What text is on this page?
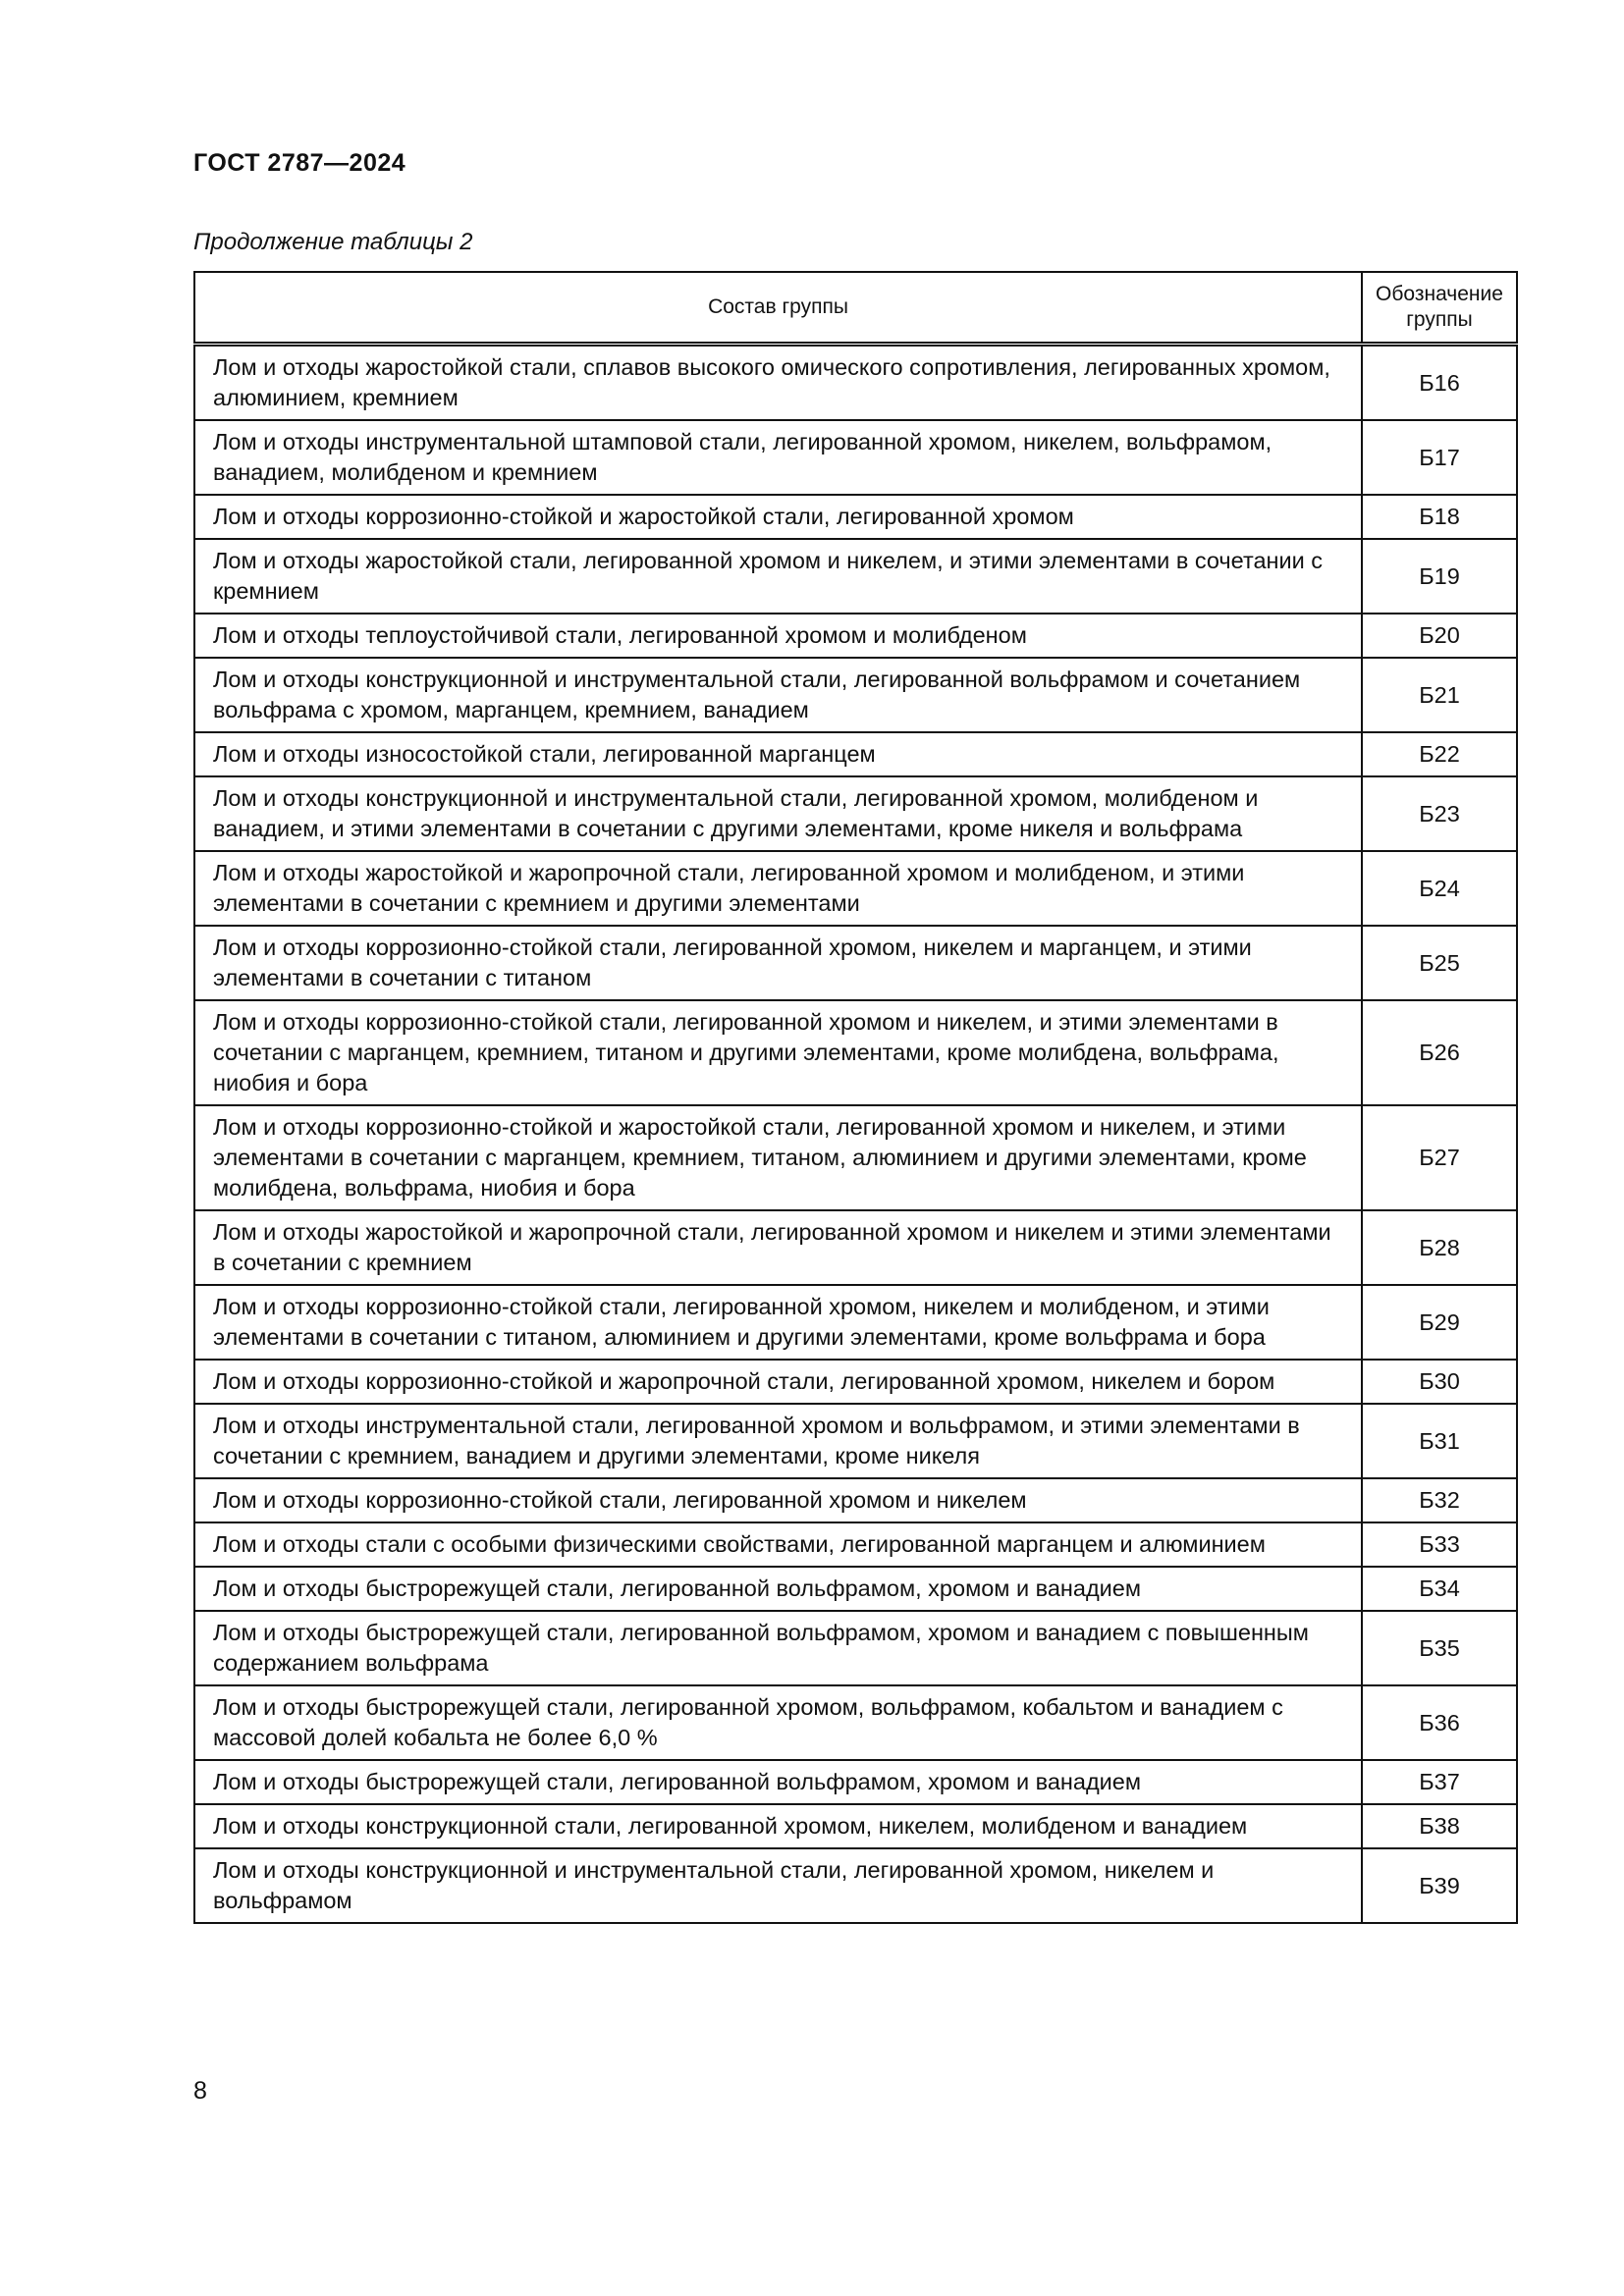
ГОСТ 2787—2024
Продолжение таблицы 2
Состав группы	Обозначение группы
Лом и отходы жаростойкой стали, сплавов высокого омического сопротивления, легированных хромом, алюминием, кремнием	Б16
Лом и отходы инструментальной штамповой стали, легированной хромом, никелем, вольфрамом, ванадием, молибденом и кремнием	Б17
Лом и отходы коррозионно-стойкой и жаростойкой стали, легированной хромом	Б18
Лом и отходы жаростойкой стали, легированной хромом и никелем, и этими элементами в сочетании с кремнием	Б19
Лом и отходы теплоустойчивой стали, легированной хромом и молибденом	Б20
Лом и отходы конструкционной и инструментальной стали, легированной вольфрамом и сочетанием вольфрама с хромом, марганцем, кремнием, ванадием	Б21
Лом и отходы износостойкой стали, легированной марганцем	Б22
Лом и отходы конструкционной и инструментальной стали, легированной хромом, молибденом и ванадием, и этими элементами в сочетании с другими элементами, кроме никеля и вольфрама	Б23
Лом и отходы жаростойкой и жаропрочной стали, легированной хромом и молибденом, и этими элементами в сочетании с кремнием и другими элементами	Б24
Лом и отходы коррозионно-стойкой стали, легированной хромом, никелем и марганцем, и этими элементами в сочетании с титаном	Б25
Лом и отходы коррозионно-стойкой стали, легированной хромом и никелем, и этими элементами в сочетании с марганцем, кремнием, титаном и другими элементами, кроме молибдена, вольфрама, ниобия и бора	Б26
Лом и отходы коррозионно-стойкой и жаростойкой стали, легированной хромом и никелем, и этими элементами в сочетании с марганцем, кремнием, титаном, алюминием и другими элементами, кроме молибдена, вольфрама, ниобия и бора	Б27
Лом и отходы жаростойкой и жаропрочной стали, легированной хромом и никелем и этими элементами в сочетании с кремнием	Б28
Лом и отходы коррозионно-стойкой стали, легированной хромом, никелем и молибденом, и этими элементами в сочетании с титаном, алюминием и другими элементами, кроме вольфрама и бора	Б29
Лом и отходы коррозионно-стойкой и жаропрочной стали, легированной хромом, никелем и бором	Б30
Лом и отходы инструментальной стали, легированной хромом и вольфрамом, и этими элементами в сочетании с кремнием, ванадием и другими элементами, кроме никеля	Б31
Лом и отходы коррозионно-стойкой стали, легированной хромом и никелем	Б32
Лом и отходы стали с особыми физическими свойствами, легированной марганцем и алюминием	Б33
Лом и отходы быстрорежущей стали, легированной вольфрамом, хромом и ванадием	Б34
Лом и отходы быстрорежущей стали, легированной вольфрамом, хромом и ванадием с повышенным содержанием вольфрама	Б35
Лом и отходы быстрорежущей стали, легированной хромом, вольфрамом, кобальтом и ванадием с массовой долей кобальта не более 6,0 %	Б36
Лом и отходы быстрорежущей стали, легированной вольфрамом, хромом и ванадием	Б37
Лом и отходы конструкционной стали, легированной хромом, никелем, молибденом и ванадием	Б38
Лом и отходы конструкционной и инструментальной стали, легированной хромом, никелем и вольфрамом	Б39
8
